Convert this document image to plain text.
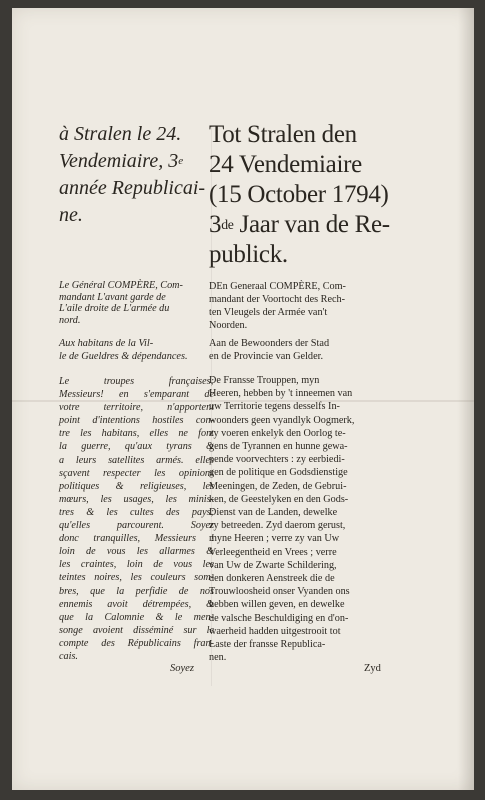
à Stralen le 24.
Vendemiaire, 3e
année Republicai-
ne.
Tot Stralen den
24 Vendemiaire
(15 October 1794)
3de Jaar van de Re-
publick.
Le Général COMPÈRE, Com-
mandant L'avant garde de
L'aile droite de L'armée du
nord.
DEn Generaal COMPÈRE, Com-
mandant der Voortocht des Rech-
ten Vleugels der Armée van't
Noorden.
Aux habitans de la Vil-
le de Gueldres & dépendances.
Aan de Bewoonders der Stad
en de Provincie van Gelder.
Le troupes françaises;
Messieurs! en s'emparant de
votre territoire, n'apportent
point d'intentions hostiles con-
tre les habitans, elles ne font
la guerre, qu'aux tyrans &
a leurs satellites armés. elles
sçavent respecter les opinions
politiques & religieuses, les
mœurs, les usages, les minis-
tres & les cultes des pays;
qu'elles parcourent. Soyez
donc tranquilles, Messieurs !
loin de vous les allarmes &
les craintes, loin de vous les
teintes noires, les couleurs som-
bres, que la perfidie de nos
ennemis avoit détrempées, &
que la Calomnie & le men-
songe avoient disséminé sur le
compte des Républicains fran-
cais.
De Fransse Trouppen, myn
Heeren, hebben by 't inneemen van
uw Territorie tegens desselfs In-
woonders geen vyandlyk Oogmerk,
zy voeren enkelyk den Oorlog te-
gens de Tyrannen en hunne gewa-
pende voorvechters : zy eerbiedi-
gen de politique en Godsdienstige
Meeningen, de Zeden, de Gebrui-
ken, de Geestelyken en den Gods-
Dienst van de Landen, dewelke
zy betreeden. Zyd daerom gerust,
myne Heeren ; verre zy van Uw
Verleegentheid en Vrees ; verre
van Uw de Zwarte Schildering,
den donkeren Aenstreek die de
Trouwloosheid onser Vyanden ons
hebben willen geven, en dewelke
de valsche Beschuldiging en d'on-
waerheid hadden uitgestrooit tot
Laste der fransse Republica-
nen.
Soyez	Zyd
